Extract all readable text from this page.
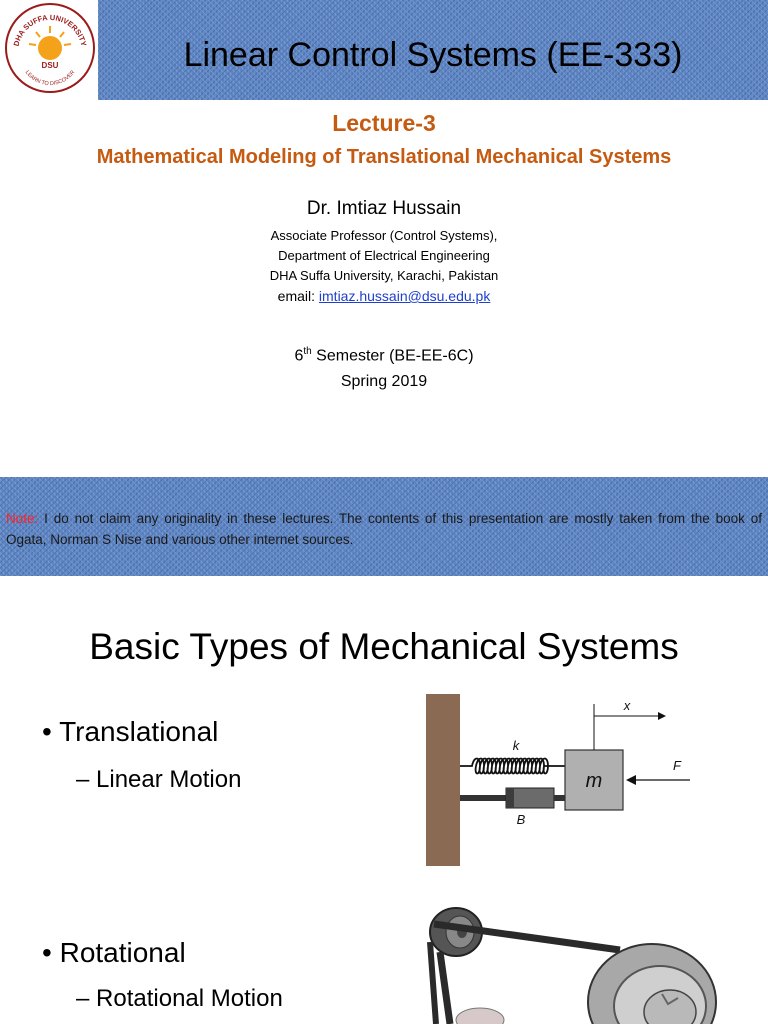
Linear Control Systems (EE-333)
DHA SUFFA UNIVERSITY
DSU
LEARN TO DISCOVER
Lecture-3
Mathematical Modeling of Translational Mechanical Systems
Dr. Imtiaz Hussain
Associate Professor (Control Systems),
Department of Electrical Engineering
DHA Suffa University, Karachi, Pakistan
email: imtiaz.hussain@dsu.edu.pk
6th Semester (BE-EE-6C)
Spring 2019
Note: I do not claim any originality in these lectures. The contents of this presentation are mostly taken from the book of Ogata, Norman S Nise and various other internet sources.
Basic Types of Mechanical Systems
• Translational
– Linear Motion
• Rotational
– Rotational Motion
k
B
m
x
F
